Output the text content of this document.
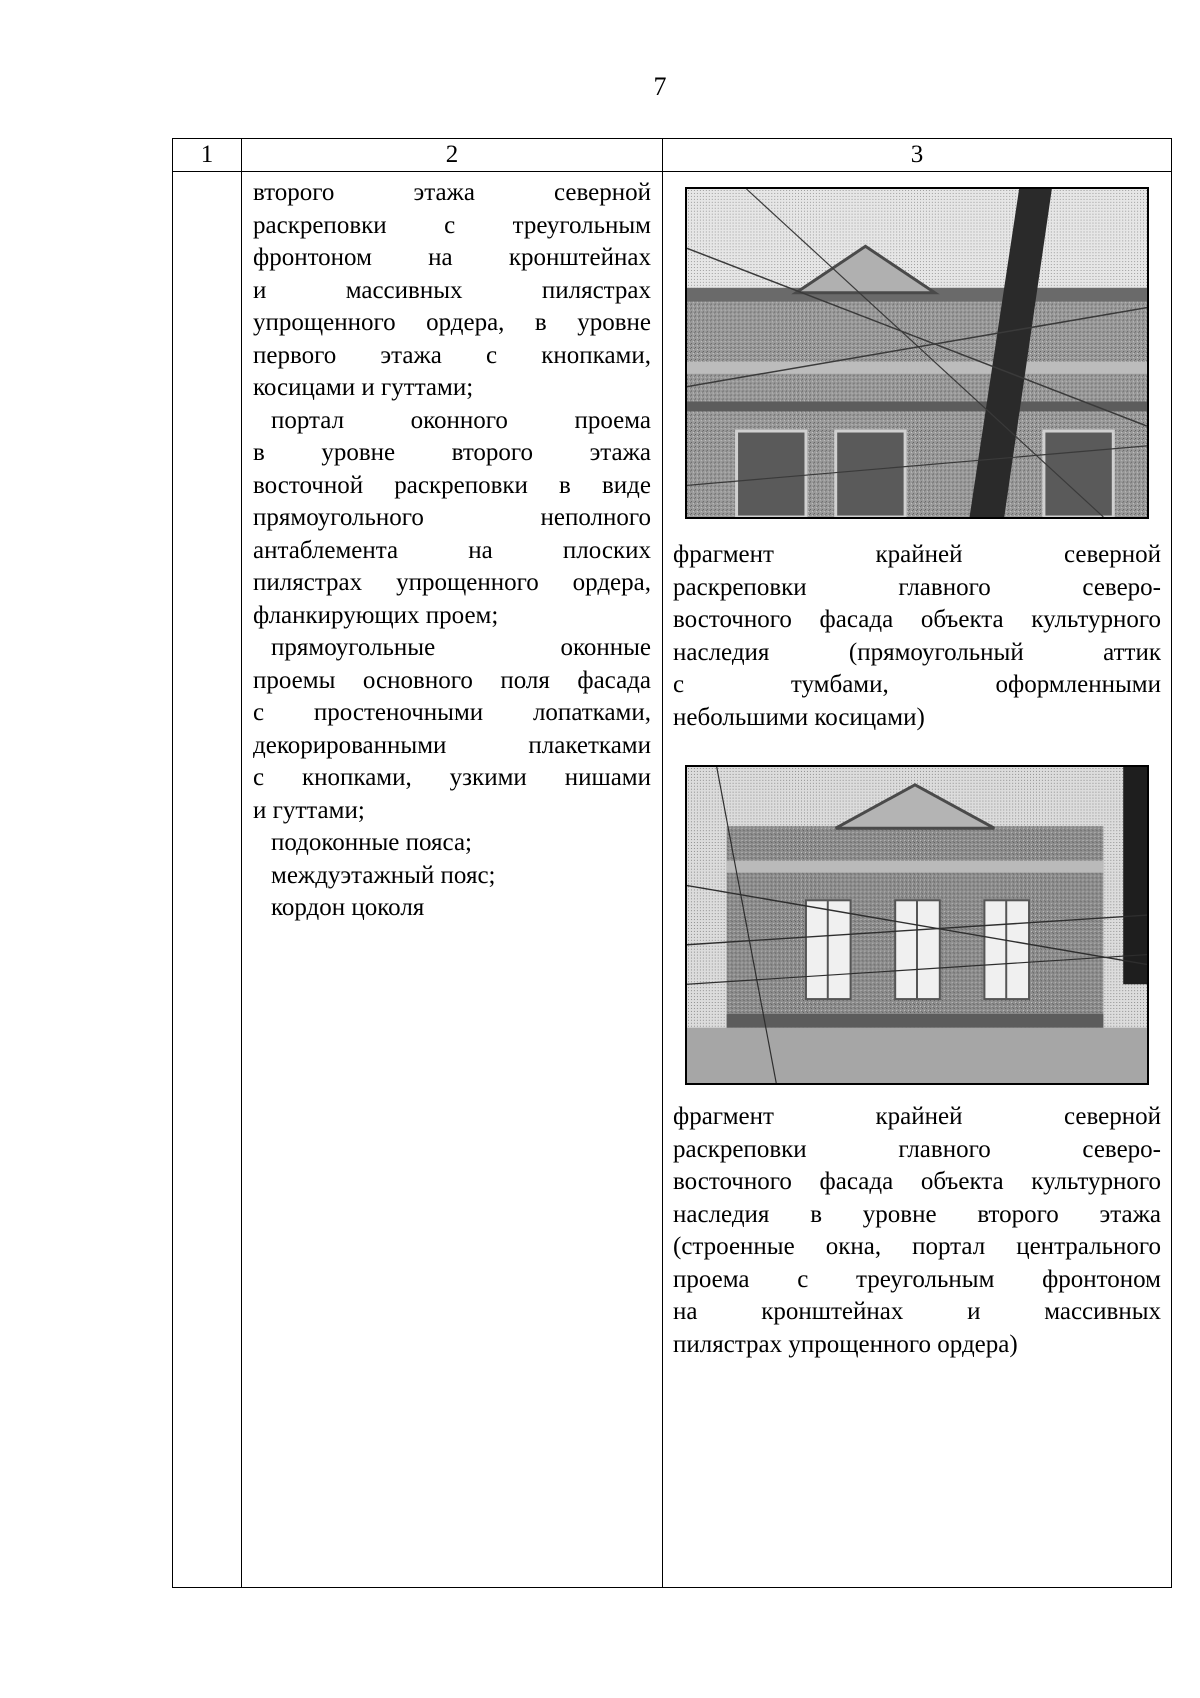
7
1	2	3

второго этажа северной

раскреповки с треугольным

фронтоном на кронштейнах

и массивных пилястрах

упрощенного ордера, в уровне

первого этажа с кнопками,

косицами и гуттами;

портал оконного проема

в уровне второго этажа

восточной раскреповки в виде

прямоугольного неполного

антаблемента на плоских

пилястрах упрощенного ордера,

фланкирующих проем;

прямоугольные оконные

проемы основного поля фасада

с простеночными лопатками,

декорированными плакетками

с кнопками, узкими нишами

и гуттами;

подоконные пояса;

междуэтажный пояс;

кордон цоколя

фрагмент крайней северной

раскреповки главного северо-

восточного фасада объекта культурного

наследия (прямоугольный аттик

с тумбами, оформленными

небольшими косицами)

фрагмент крайней северной

раскреповки главного северо-

восточного фасада объекта культурного

наследия в уровне второго этажа

(строенные окна, портал центрального

проема с треугольным фронтоном

на кронштейнах и массивных

пилястрах упрощенного ордера)
